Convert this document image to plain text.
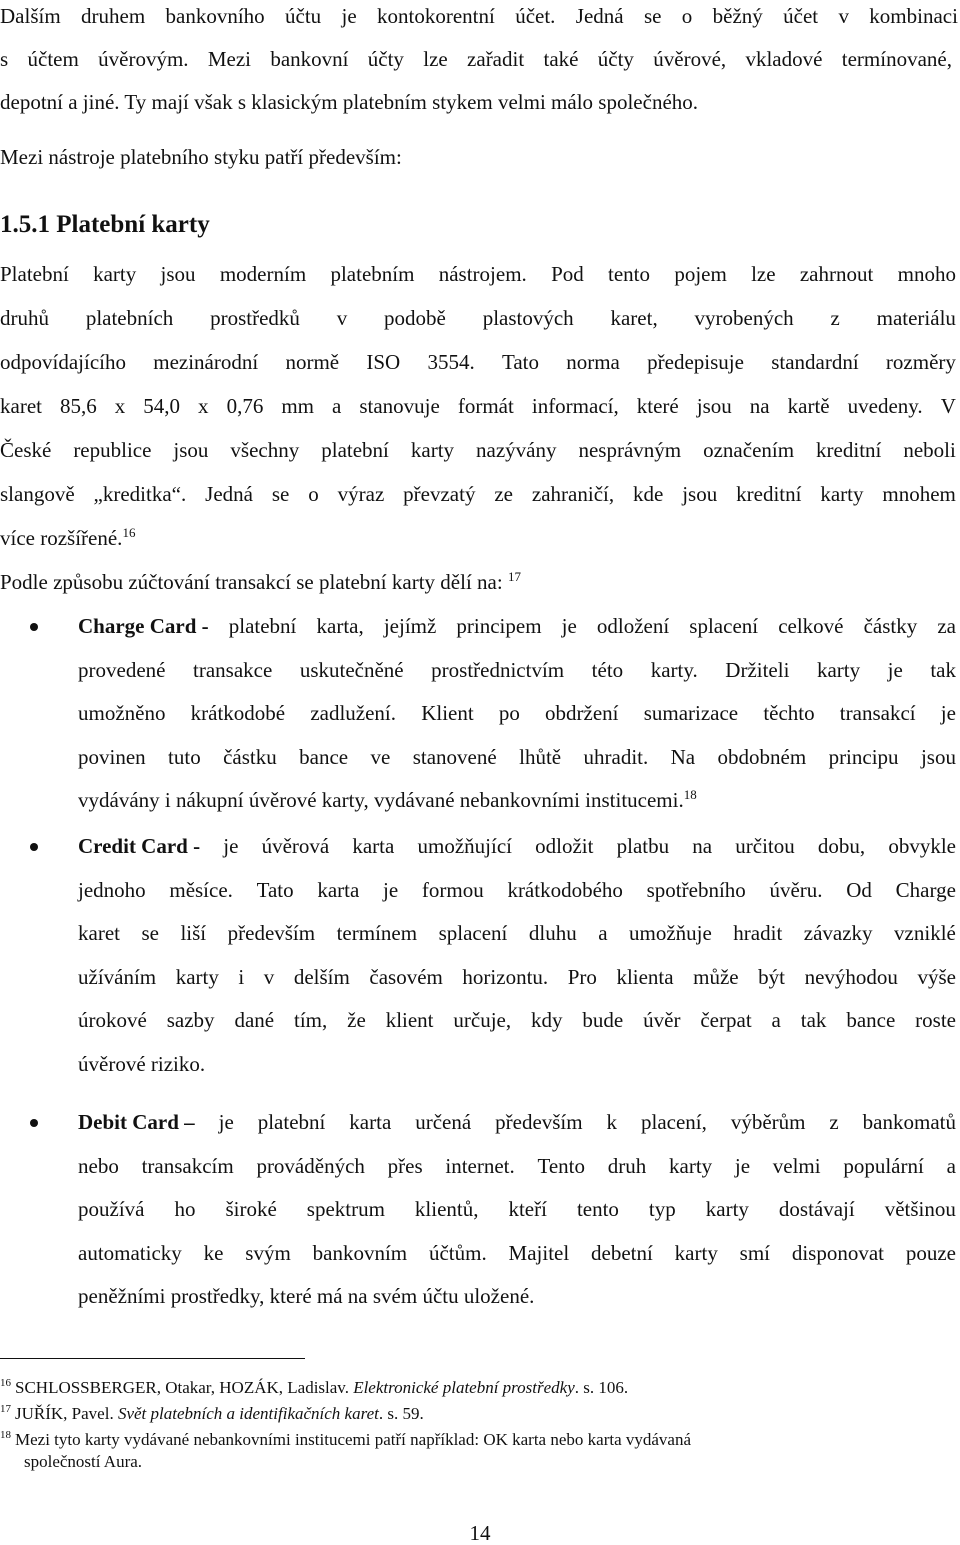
Dalším druhem bankovního účtu je kontokorentní účet. Jedná se o běžný účet v kombinaci
s účtem úvěrovým. Mezi bankovní účty lze zařadit také účty úvěrové, vkladové termínované,
depotní a jiné. Ty mají však s klasickým platebním stykem velmi málo společného.
Mezi nástroje platebního styku patří především:
1.5.1 Platební karty
Platební karty jsou moderním platebním nástrojem. Pod tento pojem lze zahrnout mnoho
druhů platebních prostředků v podobě plastových karet, vyrobených z materiálu
odpovídajícího mezinárodní normě ISO 3554. Tato norma předepisuje standardní rozměry
karet 85,6 x 54,0 x 0,76 mm a stanovuje formát informací, které jsou na kartě uvedeny. V
České republice jsou všechny platební karty nazývány nesprávným označením kreditní neboli
slangově „kreditka“. Jedná se o výraz převzatý ze zahraničí, kde jsou kreditní karty mnohem
více rozšířené.$^{16}$
Podle způsobu zúčtování transakcí se platební karty dělí na: $^{17}$
Charge Card - platební karta, jejímž principem je odložení splacení celkové částky za
provedené transakce uskutečněné prostřednictvím této karty. Držiteli karty je tak
umožněno krátkodobé zadlužení. Klient po obdržení sumarizace těchto transakcí je
povinen tuto částku bance ve stanovené lhůtě uhradit. Na obdobném principu jsou
vydávány i nákupní úvěrové karty, vydávané nebankovními institucemi.$^{18}$
Credit Card - je úvěrová karta umožňující odložit platbu na určitou dobu, obvykle
jednoho měsíce. Tato karta je formou krátkodobého spotřebního úvěru. Od Charge
karet se liší především termínem splacení dluhu a umožňuje hradit závazky vzniklé
užíváním karty i v delším časovém horizontu. Pro klienta může být nevýhodou výše
úrokové sazby dané tím, že klient určuje, kdy bude úvěr čerpat a tak bance roste
úvěrové riziko.
Debit Card – je platební karta určená především k placení, výběrům z bankomatů
nebo transakcím prováděných přes internet. Tento druh karty je velmi populární a
používá ho široké spektrum klientů, kteří tento typ karty dostávají většinou
automaticky ke svým bankovním účtům. Majitel debetní karty smí disponovat pouze
peněžními prostředky, které má na svém účtu uložené.
$^{16}$ SCHLOSSBERGER, Otakar, HOZÁK, Ladislav. Elektronické platební prostředky. s. 106.
$^{17}$ JUŘÍK, Pavel. Svět platebních a identifikačních karet. s. 59.
$^{18}$ Mezi tyto karty vydávané nebankovními institucemi patří například: OK karta nebo karta vydávaná
společností Aura.
14
